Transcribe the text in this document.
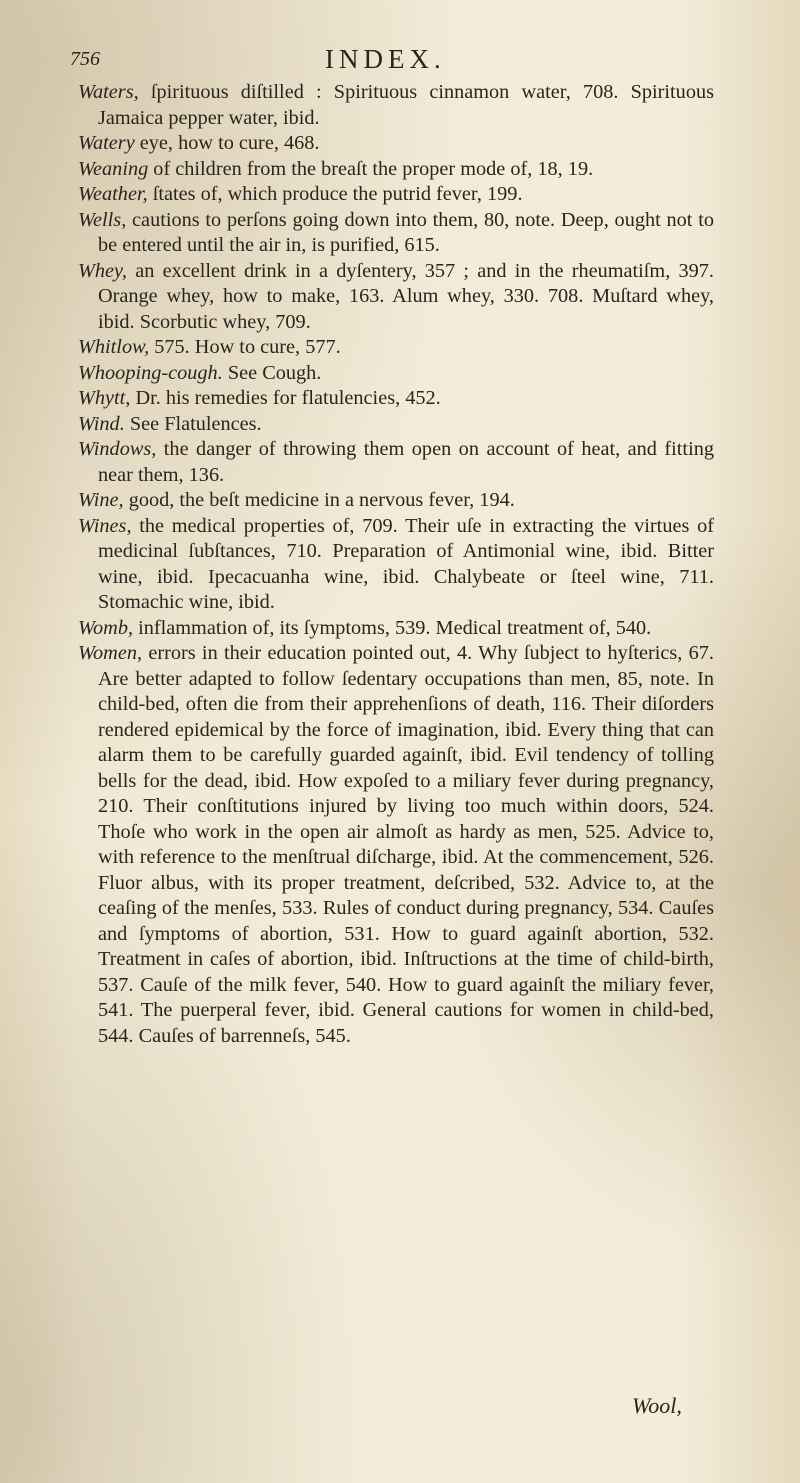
756	INDEX.

Waters, ſpirituous diſtilled : Spirituous cinnamon water, 708. Spirituous Jamaica pepper water, ibid.

Watery eye, how to cure, 468.

Weaning of children from the breaſt the proper mode of, 18, 19.

Weather, ſtates of, which produce the putrid fever, 199.

Wells, cautions to perſons going down into them, 80, note. Deep, ought not to be entered until the air in, is purified, 615.

Whey, an excellent drink in a dyſentery, 357 ; and in the rheumatiſm, 397. Orange whey, how to make, 163. Alum whey, 330. 708. Muſtard whey, ibid. Scorbutic whey, 709.

Whitlow, 575. How to cure, 577.

Whooping-cough. See Cough.

Whytt, Dr. his remedies for flatulencies, 452.

Wind. See Flatulences.

Windows, the danger of throwing them open on account of heat, and fitting near them, 136.

Wine, good, the beſt medicine in a nervous fever, 194.

Wines, the medical properties of, 709. Their uſe in extracting the virtues of medicinal ſubſtances, 710. Preparation of Antimonial wine, ibid. Bitter wine, ibid. Ipecacuanha wine, ibid. Chalybeate or ſteel wine, 711. Stomachic wine, ibid.

Womb, inflammation of, its ſymptoms, 539. Medical treatment of, 540.

Women, errors in their education pointed out, 4. Why ſubject to hyſterics, 67. Are better adapted to follow ſedentary occupations than men, 85, note. In child-bed, often die from their apprehenſions of death, 116. Their diſorders rendered epidemical by the force of imagination, ibid. Every thing that can alarm them to be carefully guarded againſt, ibid. Evil tendency of tolling bells for the dead, ibid. How expoſed to a miliary fever during pregnancy, 210. Their conſtitutions injured by living too much within doors, 524. Thoſe who work in the open air almoſt as hardy as men, 525. Advice to, with reference to the menſtrual diſcharge, ibid. At the commencement, 526. Fluor albus, with its proper treatment, deſcribed, 532. Advice to, at the ceaſing of the menſes, 533. Rules of conduct during pregnancy, 534. Cauſes and ſymptoms of abortion, 531. How to guard againſt abortion, 532. Treatment in caſes of abortion, ibid. Inſtructions at the time of child-birth, 537. Cauſe of the milk fever, 540. How to guard againſt the miliary fever, 541. The puerperal fever, ibid. General cautions for women in child-bed, 544. Cauſes of barrenneſs, 545.

Wool,
